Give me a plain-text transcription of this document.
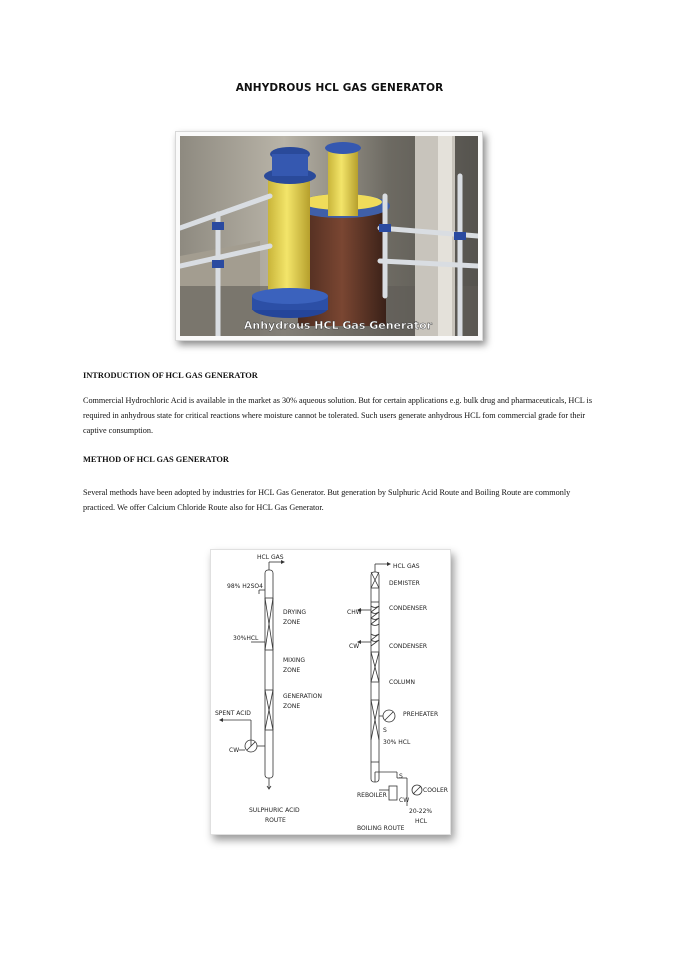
ANHYDROUS HCL GAS GENERATOR
Anhydrous HCL Gas Generator
INTRODUCTION OF HCL GAS GENERATOR
Commercial Hydrochloric Acid is available in the market as 30% aqueous solution. But for certain applications e.g. bulk drug and pharmaceuticals, HCL is required in anhydrous state for critical reactions where moisture cannot be tolerated. Such users generate anhydrous HCL fom commercial grade for their captive consumption.
METHOD OF HCL GAS GENERATOR
Several methods have been adopted by industries for HCL Gas Generator. But generation by Sulphuric Acid Route and Boiling Route are commonly practiced. We offer Calcium Chloride Route also for HCL Gas Generator.
HCL GAS
98% H2SO4
DRYING
ZONE
30%HCL
MIXING
ZONE
GENERATION
ZONE
SPENT ACID
CW
SULPHURIC ACID
ROUTE
HCL GAS
DEMISTER
CHW
CONDENSER
CW	CONDENSER
COLUMN
PREHEATER
S
30% HCL
S
COOLER
REBOILER
CW
20-22%
HCL
BOILING ROUTE
